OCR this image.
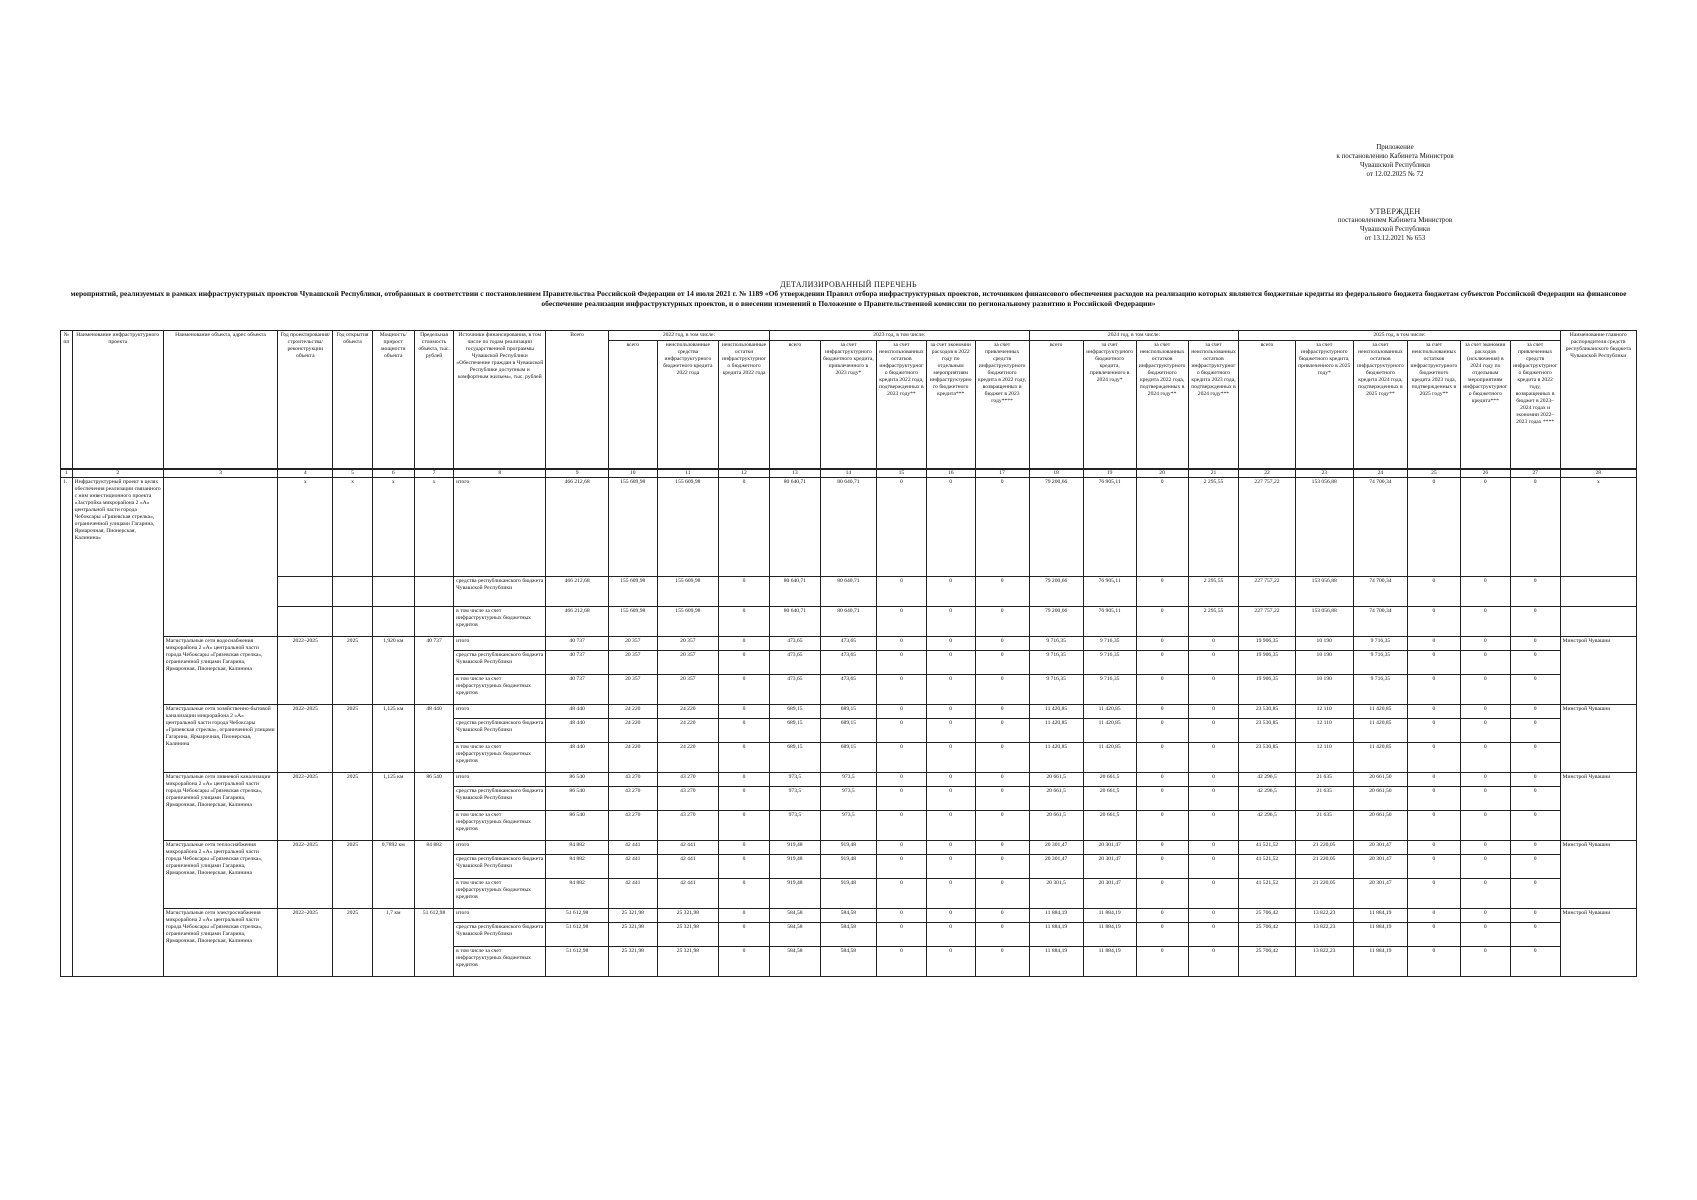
Приложение
к постановлению Кабинета Министров
Чувашской Республики
от 12.02.2025 № 72
УТВЕРЖДЕН
постановлением Кабинета Министров
Чувашской Республики
от 13.12.2021 № 653
ДЕТАЛИЗИРОВАННЫЙ ПЕРЕЧЕНЬ
мероприятий, реализуемых в рамках инфраструктурных проектов Чувашской Республики, отобранных в соответствии с постановлением Правительства Российской Федерации от 14 июля 2021 г. № 1189 «Об утверждении Правил отбора инфраструктурных проектов, источником финансового обеспечения расходов на реализацию которых являются бюджетные кредиты из федерального бюджета бюджетам субъектов Российской Федерации на финансовое обеспечение реализации инфраструктурных проектов, и о внесении изменений в Положение о Правительственной комиссии по региональному развитию в Российской Федерации»
№ пп	Наименование инфраструктурного проекта	Наименование объекта, адрес объекта	Год проектирования/ строительства/ реконструкции объекта	Год открытия объекта	Мощность/ прирост мощности объекта	Предельная стоимость объекта, тыс. рублей	Источники финансирования, в том числе по годам реализации государственной программы Чувашской Республики «Обеспечение граждан в Чувашской Республике доступным и комфортным жильем», тыс. рублей	Всего	2022 год, в том числе:			2023 год, в том числе:					2024 год, в том числе:				2025 год, в том числе:						Наименование главного распорядителя средств республиканского бюджета Чувашской Республики
									всего	неиспользованные средства инфраструктурного бюджетного кредита 2022 года	неиспользованные остатки инфраструктурного бюджетного кредита 2022 года	всего	за счет инфраструктурного бюджетного кредита, привлеченного в 2023 году*	за счет неиспользованных остатков инфраструктурного бюджетного кредита 2022 года, подтвержденных в 2023 году**	за счет экономии расходов в 2022 году по отдельным мероприятиям инфраструктурного бюджетного кредита***	за счет привлеченных средств инфраструктурного бюджетного кредита в 2022 году, возвращенных в бюджет в 2023 году****	всего	за счет инфраструктурного бюджетного кредита, привлеченного в 2024 году*	за счет неиспользованных остатков инфраструктурного бюджетного кредита 2022 года, подтвержденных в 2024 году**	за счет неиспользованных остатков инфраструктурного бюджетного кредита 2023 года, подтвержденных в 2024 году***	всего	за счет инфраструктурного бюджетного кредита, привлеченного в 2025 году*	за счет неиспользованных остатков инфраструктурного бюджетного кредита 2024 года, подтвержденных в 2025 году**	за счет неиспользованных остатков инфраструктурного бюджетного кредита 2023 года, подтвержденных в 2025 году**	за счет экономии расходов (исключения) в 2024 году по отдельным мероприятиям инфраструктурного бюджетного кредита***	за счет привлеченных средств инфраструктурного бюджетного кредита в 2022 году, возвращенных в бюджет в 2023–2024 годах и экономии 2022–2023 годах ****	
1	2	3	4	5	6	7	8	9	10	11	12	13	14	15	16	17	18	19	20	21	22	23	24	25	26	27	28
1.	Инфраструктурный проект в целях обеспечения реализации связанного с ним инвестиционного проекта «Застройка микрорайона 2 «А» центральной части города Чебоксары «Грязевская стрелка», ограниченной улицами Гагарина, Ярмарочная, Пионерская, Калинина»		x	x	x	x	итого	466 212,68	155 609,98	155 609,98	0	80 640,71	80 640,71	0	0	0	79 200,66	76 905,11	0	2 295,55	227 757,22	153 056,88	74 700,34	0	0	0	x
							средства республиканского бюджета Чувашской Республики	466 212,68	155 609,98	155 609,98	0	80 640,71	80 640,71	0	0	0	79 200,66	76 905,11	0	2 295,55	227 757,22	153 056,88	74 700,34	0	0	0	
							в том числе за счет инфраструктурных бюджетных кредитов	466 212,68	155 609,98	155 609,98	0	80 640,71	80 640,71	0	0	0	79 200,66	76 905,11	0	2 295,55	227 757,22	153 056,88	74 700,34	0	0	0	
		Магистральные сети водоснабжения микрорайона 2 «А» центральной части города Чебоксары «Грязевская стрелка», ограниченной улицами Гагарина, Ярмарочная, Пионерская, Калинина	2022–2025	2025	1,920 км	40 737	итого	40 737	20 357	20 357	0	473,65	473,65	0	0	0	9 716,35	9 716,35	0	0	19 906,35	10 190	9 716,35	0	0	0	Минстрой Чувашии
							средства республиканского бюджета Чувашской Республики	40 737	20 357	20 357	0	473,65	473,65	0	0	0	9 716,35	9 716,35	0	0	19 906,35	10 190	9 716,35	0	0	0	
							в том числе за счет инфраструктурных бюджетных кредитов	40 737	20 357	20 357	0	473,65	473,65	0	0	0	9 716,35	9 716,35	0	0	19 906,35	10 190	9 716,35	0	0	0	
		Магистральные сети хозяйственно-бытовой канализации микрорайона 2 «А» центральной части города Чебоксары «Грязевская стрелка», ограниченной улицами Гагарина, Ярмарочная, Пионерская, Калинина	2022–2025	2025	1,125 км	48 440	итого	48 440	24 220	24 220	0	689,15	689,15	0	0	0	11 420,85	11 420,85	0	0	23 530,85	12 110	11 420,85	0	0	0	Минстрой Чувашии
							средства республиканского бюджета Чувашской Республики	48 440	24 220	24 220	0	689,15	689,15	0	0	0	11 420,85	11 420,85	0	0	23 530,85	12 110	11 420,85	0	0	0	
							в том числе за счет инфраструктурных бюджетных кредитов	48 440	24 220	24 220	0	689,15	689,15	0	0	0	11 420,85	11 420,85	0	0	23 530,85	12 110	11 420,85	0	0	0	
		Магистральные сети ливневой канализации микрорайона 2 «А» центральной части города Чебоксары «Грязевская стрелка», ограниченной улицами Гагарина, Ярмарочная, Пионерская, Калинина	2022–2025	2025	1,125 км	86 540	итого	86 540	43 270	43 270	0	973,5	973,5	0	0	0	20 661,5	20 661,5	0	0	42 296,5	21 635	20 661,50	0	0	0	Минстрой Чувашии
							средства республиканского бюджета Чувашской Республики	86 540	43 270	43 270	0	973,5	973,5	0	0	0	20 661,5	20 661,5	0	0	42 296,5	21 635	20 661,50	0	0	0	
							в том числе за счет инфраструктурных бюджетных кредитов	86 540	43 270	43 270	0	973,5	973,5	0	0	0	20 661,5	20 661,5	0	0	42 296,5	21 635	20 661,50	0	0	0	
		Магистральные сети теплоснабжения микрорайона 2 «А» центральной части города Чебоксары «Грязевская стрелка», ограниченной улицами Гагарина, Ярмарочная, Пионерская, Калинина	2022–2025	2025	0,7892 км	84 882	итого	84 882	42 441	42 441	0	919,48	919,48	0	0	0	20 301,47	20 301,47	0	0	41 521,52	21 220,05	20 301,47	0	0	0	Минстрой Чувашии
							средства республиканского бюджета Чувашской Республики	84 882	42 441	42 441	0	919,48	919,48	0	0	0	20 301,47	20 301,47	0	0	41 521,52	21 220,05	20 301,47	0	0	0	
							в том числе за счет инфраструктурных бюджетных кредитов	84 882	42 441	42 441	0	919,48	919,48	0	0	0	20 301,5	20 301,47	0	0	41 521,52	21 220,05	20 301,47	0	0	0	
		Магистральные сети электроснабжения микрорайона 2 «А» центральной части города Чебоксары «Грязевская стрелка», ограниченной улицами Гагарина, Ярмарочная, Пионерская, Калинина	2022–2025	2025	1,7 км	51 612,98	итого	51 612,98	25 321,98	25 321,98	0	584,58	584,58	0	0	0	11 884,19	11 884,19	0	0	25 706,42	13 822,23	11 884,19	0	0	0	Минстрой Чувашии
							средства республиканского бюджета Чувашской Республики	51 612,98	25 321,98	25 321,98	0	584,58	584,58	0	0	0	11 884,19	11 884,19	0	0	25 706,42	13 822,23	11 884,19	0	0	0	
							в том числе за счет инфраструктурных бюджетных кредитов	51 612,98	25 321,98	25 321,98	0	584,58	584,58	0	0	0	11 884,19	11 884,19	0	0	25 706,42	13 822,23	11 884,19	0	0	0	
